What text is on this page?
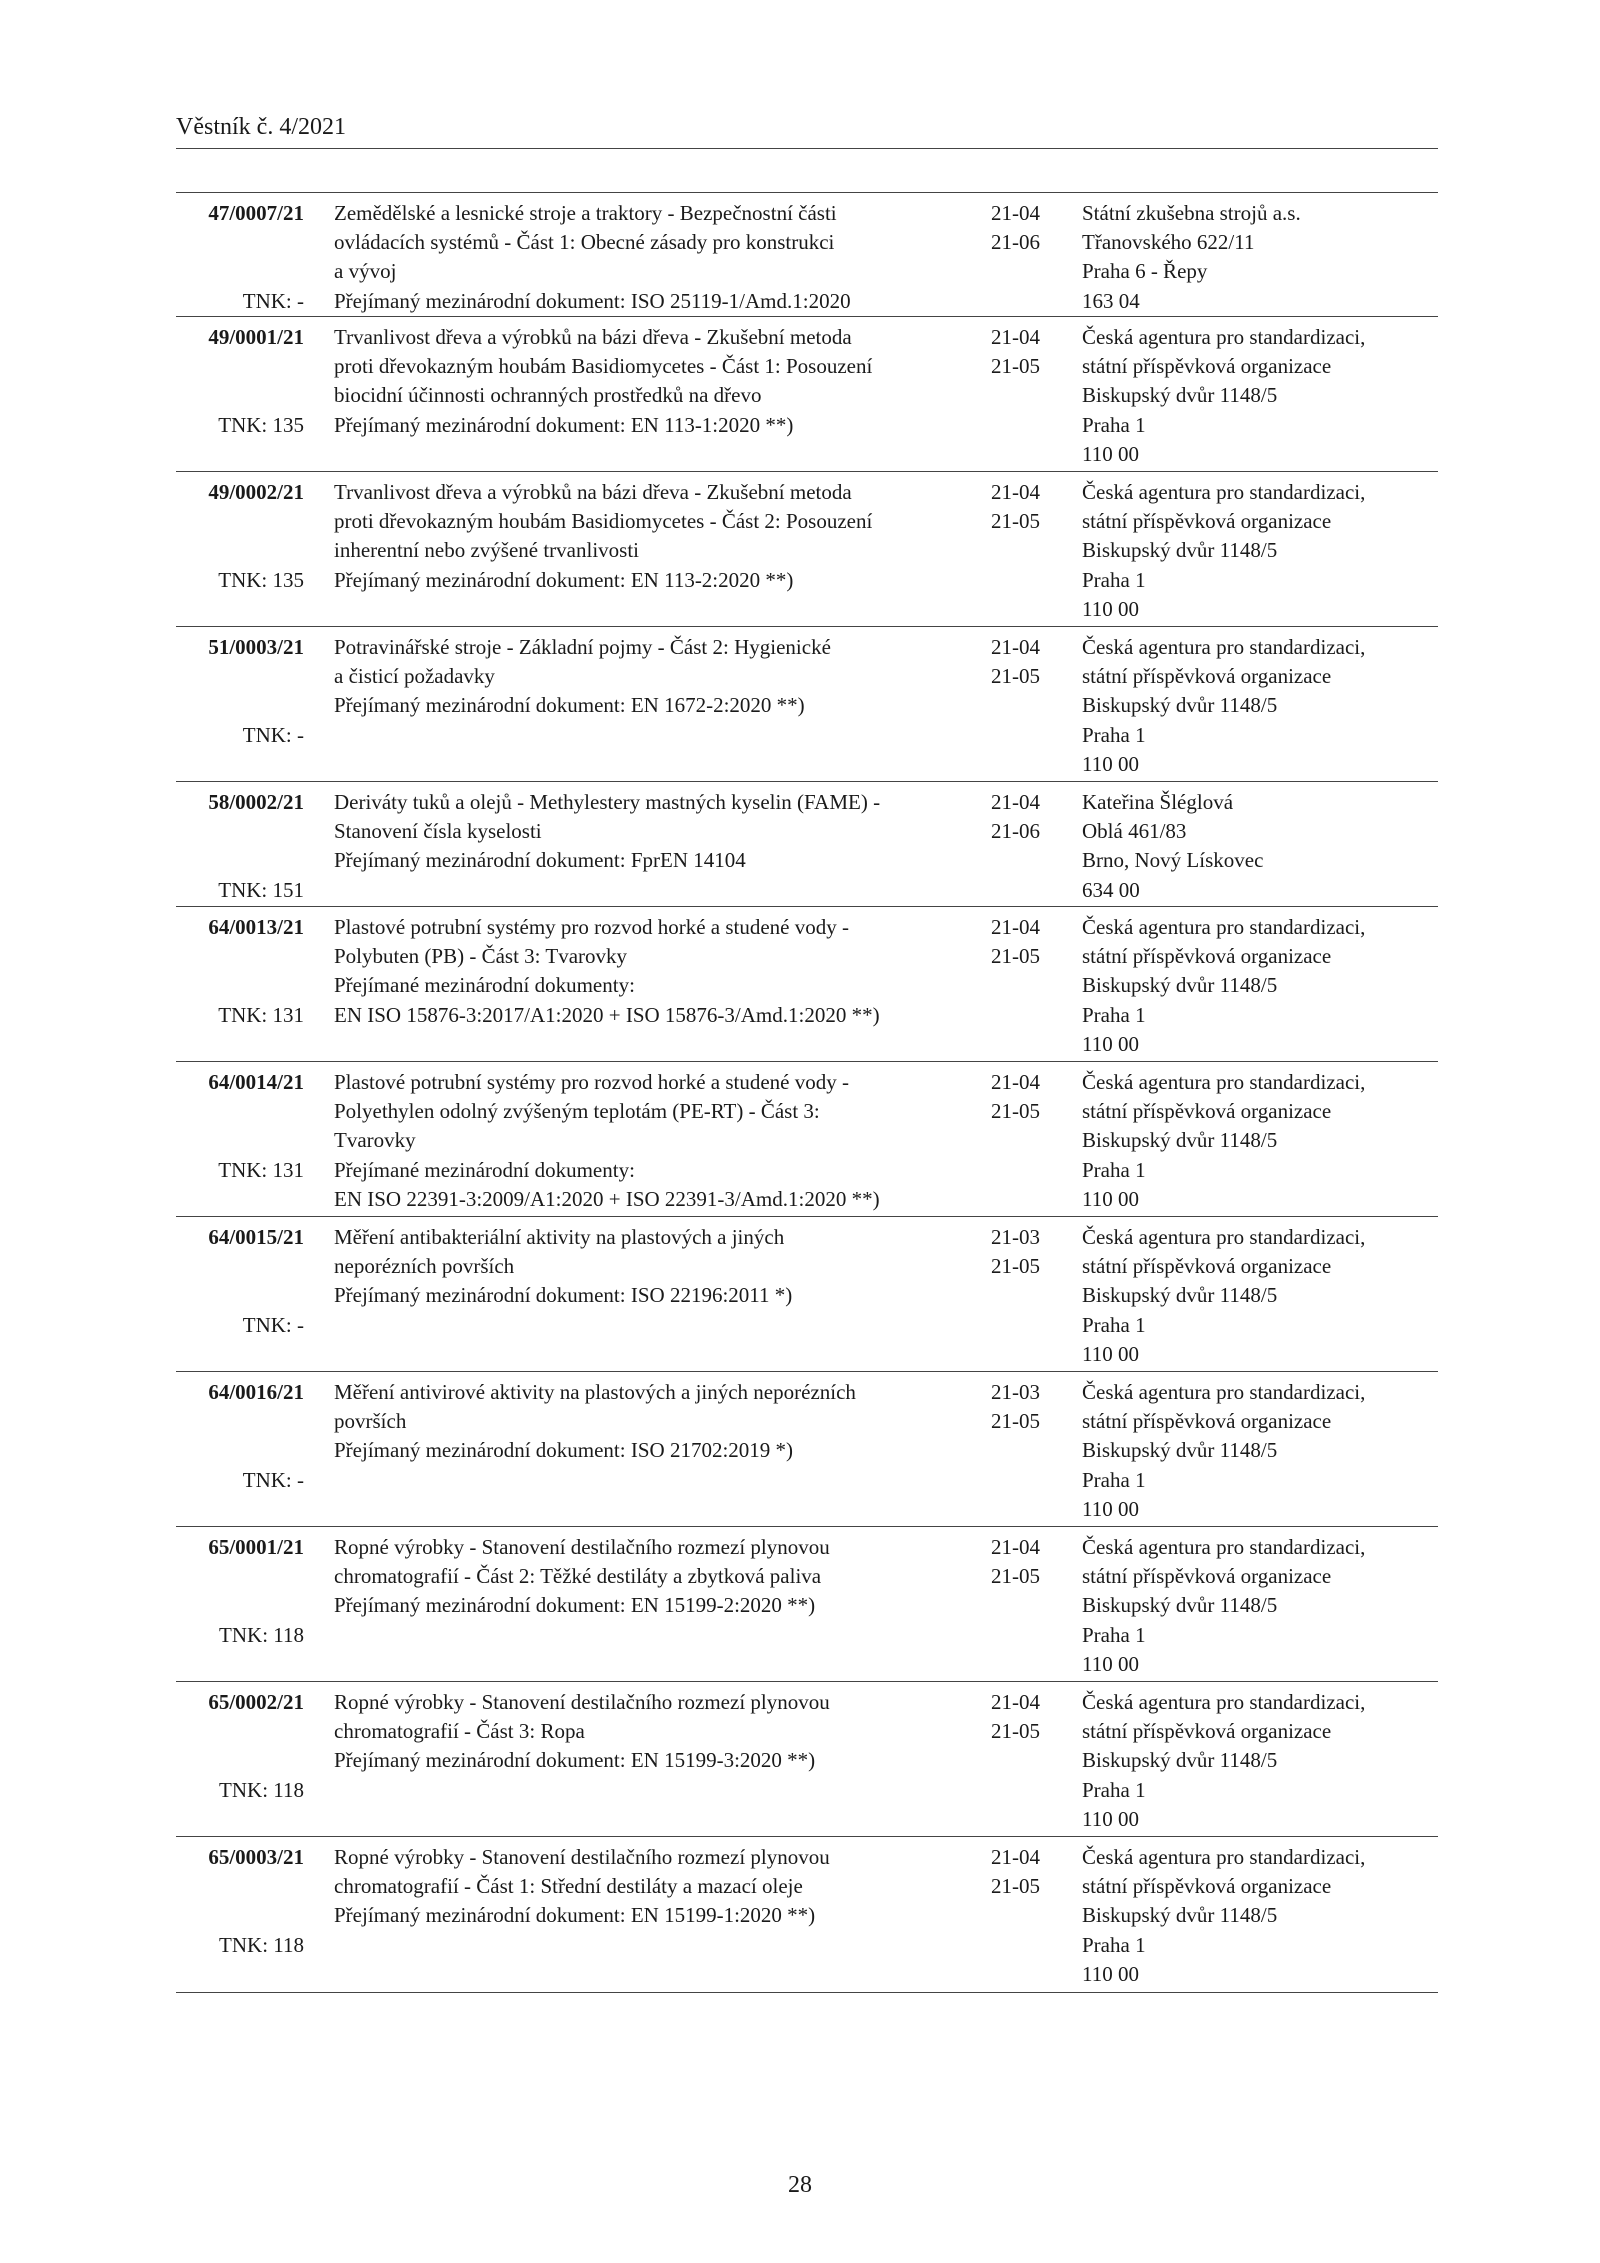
Věstník č. 4/2021
47/0007/21
TNK: -
Zemědělské a lesnické stroje a traktory - Bezpečnostní části
ovládacích systémů - Část 1: Obecné zásady pro konstrukci
a vývoj
Přejímaný mezinárodní dokument: ISO 25119-1/Amd.1:2020
21-04
21-06
Státní zkušebna strojů a.s.
Třanovského 622/11
Praha 6 - Řepy
163 04
49/0001/21
TNK: 135
Trvanlivost dřeva a výrobků na bázi dřeva - Zkušební metoda
proti dřevokazným houbám Basidiomycetes - Část 1: Posouzení
biocidní účinnosti ochranných prostředků na dřevo
Přejímaný mezinárodní dokument: EN 113-1:2020 **)
21-04
21-05
Česká agentura pro standardizaci,
státní příspěvková organizace
Biskupský dvůr 1148/5
Praha 1
110 00
49/0002/21
TNK: 135
Trvanlivost dřeva a výrobků na bázi dřeva - Zkušební metoda
proti dřevokazným houbám Basidiomycetes - Část 2: Posouzení
inherentní nebo zvýšené trvanlivosti
Přejímaný mezinárodní dokument: EN 113-2:2020 **)
21-04
21-05
Česká agentura pro standardizaci,
státní příspěvková organizace
Biskupský dvůr 1148/5
Praha 1
110 00
51/0003/21
TNK: -
Potravinářské stroje - Základní pojmy - Část 2: Hygienické
a čisticí požadavky
Přejímaný mezinárodní dokument: EN 1672-2:2020 **)
21-04
21-05
Česká agentura pro standardizaci,
státní příspěvková organizace
Biskupský dvůr 1148/5
Praha 1
110 00
58/0002/21
TNK: 151
Deriváty tuků a olejů - Methylestery mastných kyselin (FAME) -
Stanovení čísla kyselosti
Přejímaný mezinárodní dokument: FprEN 14104
21-04
21-06
Kateřina Šléglová
Oblá 461/83
Brno, Nový Lískovec
634 00
64/0013/21
TNK: 131
Plastové potrubní systémy pro rozvod horké a studené vody -
Polybuten (PB) - Část 3: Tvarovky
Přejímané mezinárodní dokumenty:
EN ISO 15876-3:2017/A1:2020 + ISO 15876-3/Amd.1:2020 **)
21-04
21-05
Česká agentura pro standardizaci,
státní příspěvková organizace
Biskupský dvůr 1148/5
Praha 1
110 00
64/0014/21
TNK: 131
Plastové potrubní systémy pro rozvod horké a studené vody -
Polyethylen odolný zvýšeným teplotám (PE-RT) - Část 3:
Tvarovky
Přejímané mezinárodní dokumenty:
EN ISO 22391-3:2009/A1:2020 + ISO 22391-3/Amd.1:2020 **)
21-04
21-05
Česká agentura pro standardizaci,
státní příspěvková organizace
Biskupský dvůr 1148/5
Praha 1
110 00
64/0015/21
TNK: -
Měření antibakteriální aktivity na plastových a jiných
neporézních površích
Přejímaný mezinárodní dokument: ISO 22196:2011 *)
21-03
21-05
Česká agentura pro standardizaci,
státní příspěvková organizace
Biskupský dvůr 1148/5
Praha 1
110 00
64/0016/21
TNK: -
Měření antivirové aktivity na plastových a jiných neporézních
površích
Přejímaný mezinárodní dokument: ISO 21702:2019 *)
21-03
21-05
Česká agentura pro standardizaci,
státní příspěvková organizace
Biskupský dvůr 1148/5
Praha 1
110 00
65/0001/21
TNK: 118
Ropné výrobky - Stanovení destilačního rozmezí plynovou
chromatografií - Část 2: Těžké destiláty a zbytková paliva
Přejímaný mezinárodní dokument: EN 15199-2:2020 **)
21-04
21-05
Česká agentura pro standardizaci,
státní příspěvková organizace
Biskupský dvůr 1148/5
Praha 1
110 00
65/0002/21
TNK: 118
Ropné výrobky - Stanovení destilačního rozmezí plynovou
chromatografií - Část 3: Ropa
Přejímaný mezinárodní dokument: EN 15199-3:2020 **)
21-04
21-05
Česká agentura pro standardizaci,
státní příspěvková organizace
Biskupský dvůr 1148/5
Praha 1
110 00
65/0003/21
TNK: 118
Ropné výrobky - Stanovení destilačního rozmezí plynovou
chromatografií - Část 1: Střední destiláty a mazací oleje
Přejímaný mezinárodní dokument: EN 15199-1:2020 **)
21-04
21-05
Česká agentura pro standardizaci,
státní příspěvková organizace
Biskupský dvůr 1148/5
Praha 1
110 00
28
